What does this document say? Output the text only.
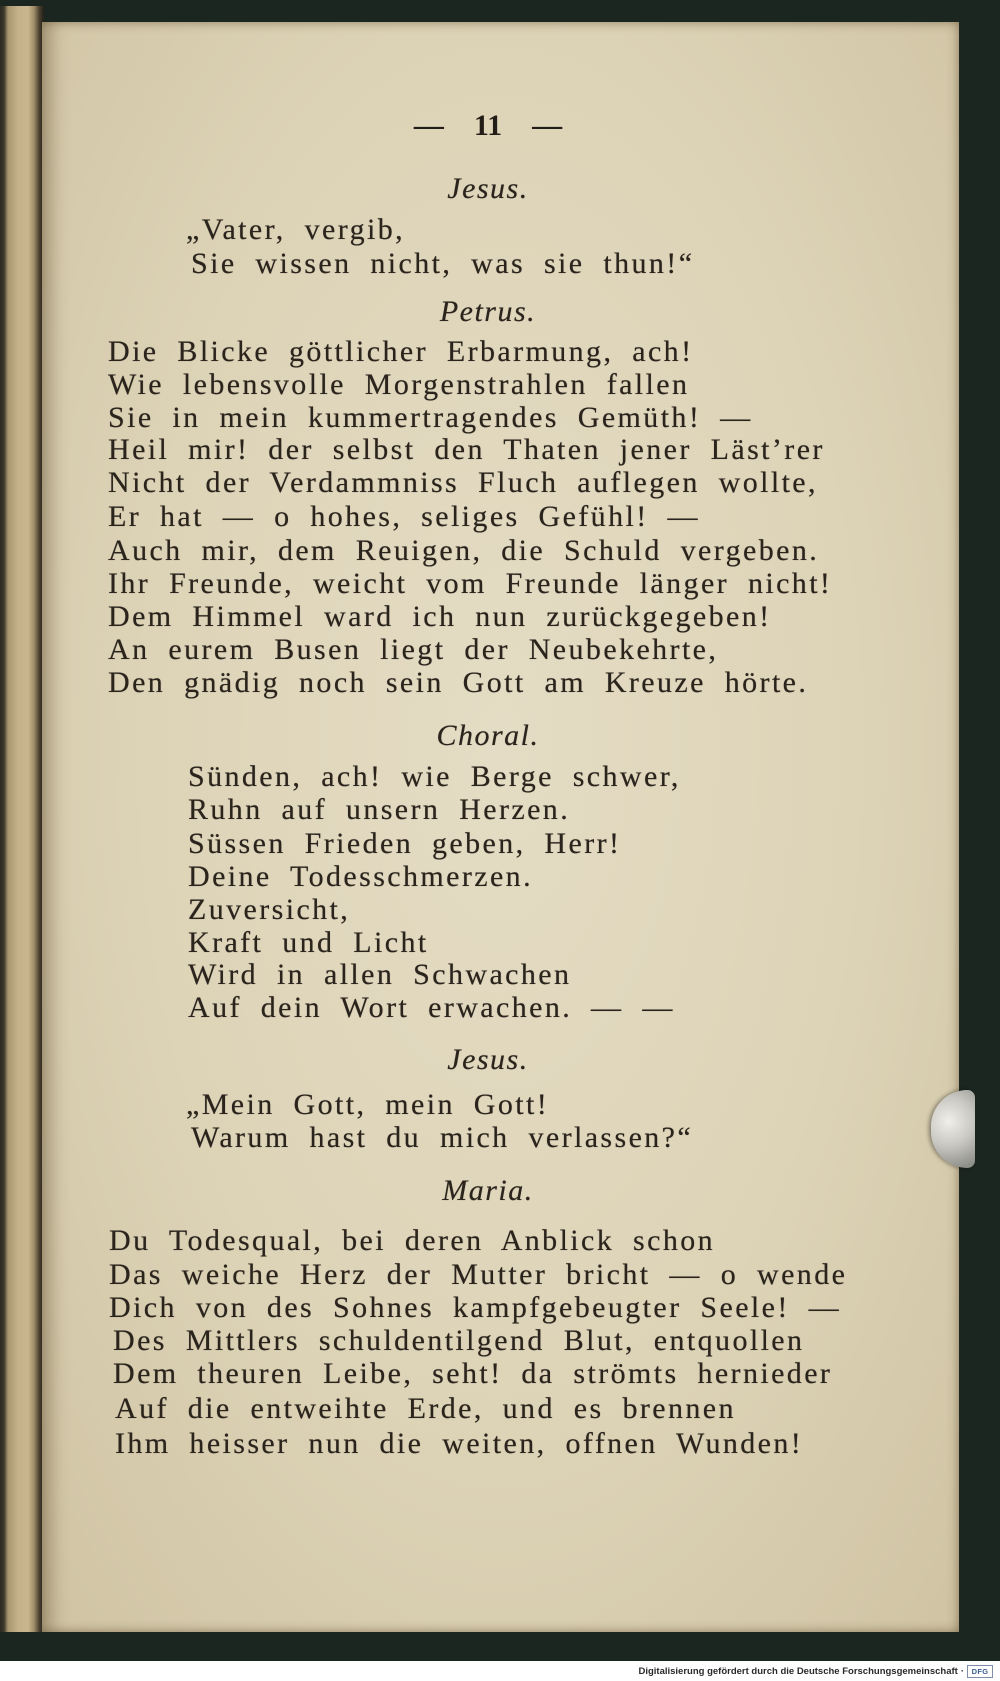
— 11 —
Jesus.
„Vater, vergib,
Sie wissen nicht, was sie thun!“
Petrus.
Die Blicke göttlicher Erbarmung, ach!
Wie lebensvolle Morgenstrahlen fallen
Sie in mein kummertragendes Gemüth! —
Heil mir! der selbst den Thaten jener Läst’rer
Nicht der Verdammniss Fluch auflegen wollte,
Er hat — o hohes, seliges Gefühl! —
Auch mir, dem Reuigen, die Schuld vergeben.
Ihr Freunde, weicht vom Freunde länger nicht!
Dem Himmel ward ich nun zurückgegeben!
An eurem Busen liegt der Neubekehrte,
Den gnädig noch sein Gott am Kreuze hörte.
Choral.
Sünden, ach! wie Berge schwer,
Ruhn auf unsern Herzen.
Süssen Frieden geben, Herr!
Deine Todesschmerzen.
Zuversicht,
Kraft und Licht
Wird in allen Schwachen
Auf dein Wort erwachen. — —
Jesus.
„Mein Gott, mein Gott!
Warum hast du mich verlassen?“
Maria.
Du Todesqual, bei deren Anblick schon
Das weiche Herz der Mutter bricht — o wende
Dich von des Sohnes kampfgebeugter Seele! —
Des Mittlers schuldentilgend Blut, entquollen
Dem theuren Leibe, seht! da strömts hernieder
Auf die entweihte Erde, und es brennen
Ihm heisser nun die weiten, offnen Wunden!
Digitalisierung gefördert durch die Deutsche Forschungsgemeinschaft ·	DFG
